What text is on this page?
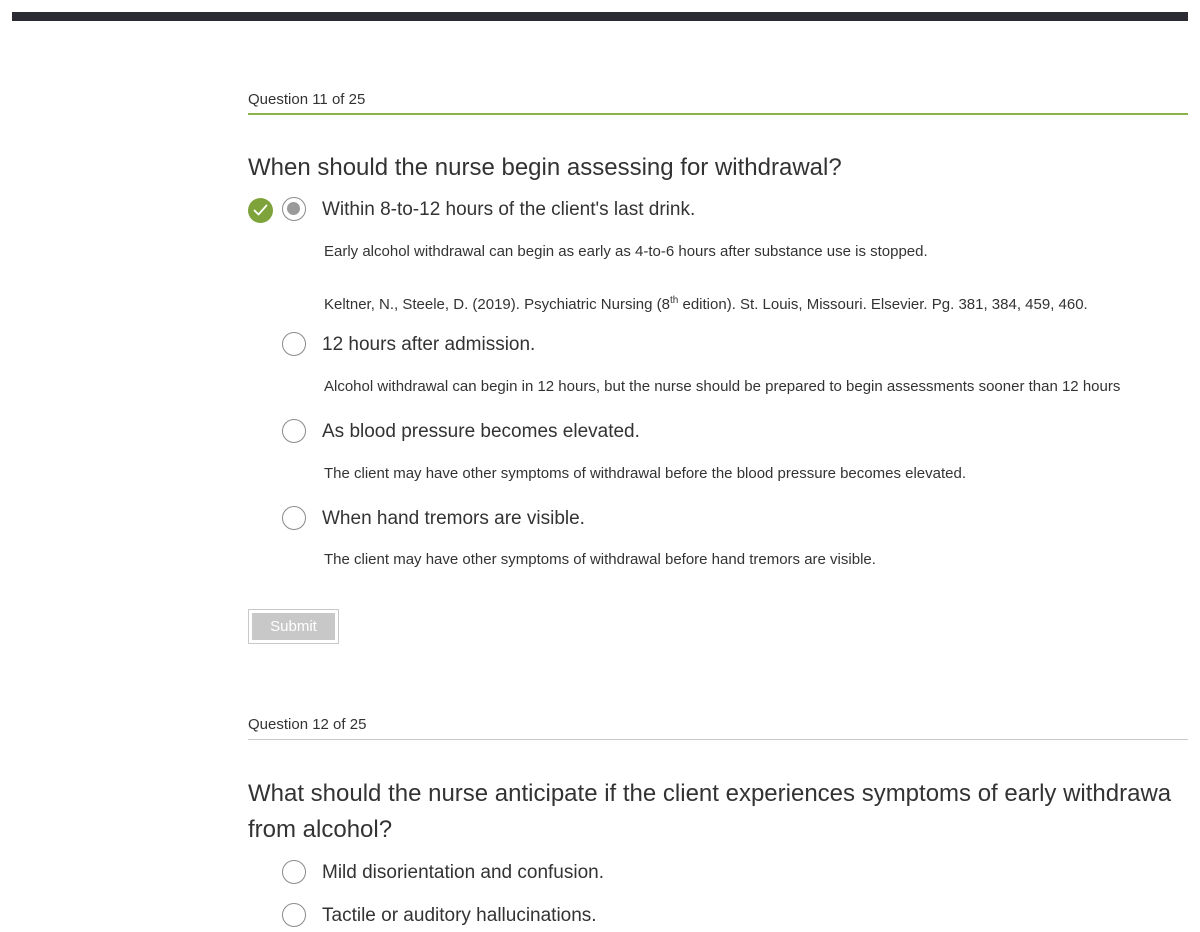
Question 11 of 25
When should the nurse begin assessing for withdrawal?
Within 8-to-12 hours of the client's last drink.
Early alcohol withdrawal can begin as early as 4-to-6 hours after substance use is stopped.
Keltner, N., Steele, D. (2019). Psychiatric Nursing (8th edition). St. Louis, Missouri. Elsevier. Pg. 381, 384, 459, 460.
12 hours after admission.
Alcohol withdrawal can begin in 12 hours, but the nurse should be prepared to begin assessments sooner than 12 hours
As blood pressure becomes elevated.
The client may have other symptoms of withdrawal before the blood pressure becomes elevated.
When hand tremors are visible.
The client may have other symptoms of withdrawal before hand tremors are visible.
Submit
Question 12 of 25
What should the nurse anticipate if the client experiences symptoms of early withdrawa
from alcohol?
Mild disorientation and confusion.
Tactile or auditory hallucinations.
